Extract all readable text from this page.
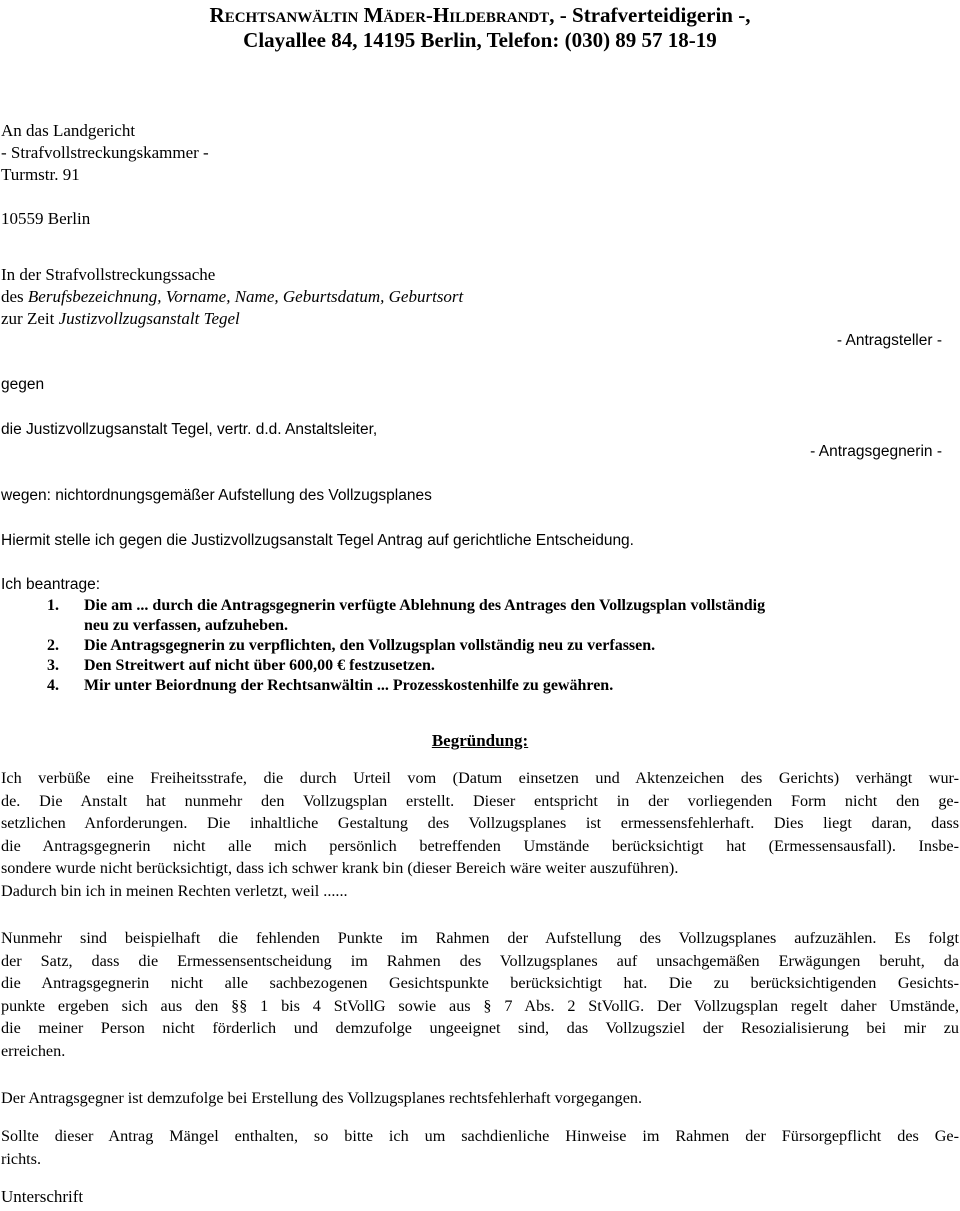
Rechtsanwältin Mäder-Hildebrandt, - Strafverteidigerin -,
Clayallee 84, 14195 Berlin, Telefon: (030) 89 57 18-19
An das Landgericht
- Strafvollstreckungskammer -
Turmstr. 91
10559 Berlin
In der Strafvollstreckungssache
des Berufsbezeichnung, Vorname, Name, Geburtsdatum, Geburtsort
zur Zeit Justizvollzugsanstalt Tegel
- Antragsteller -
gegen
die Justizvollzugsanstalt Tegel, vertr. d.d. Anstaltsleiter,
- Antragsgegnerin -
wegen: nichtordnungsgemäßer Aufstellung des Vollzugsplanes
Hiermit stelle ich gegen die Justizvollzugsanstalt Tegel Antrag auf gerichtliche Entscheidung.
Ich beantrage:
1. Die am ... durch die Antragsgegnerin verfügte Ablehnung des Antrages den Vollzugsplan vollständig
neu zu verfassen, aufzuheben.
2. Die Antragsgegnerin zu verpflichten, den Vollzugsplan vollständig neu zu verfassen.
3. Den Streitwert auf nicht über 600,00 € festzusetzen.
4. Mir unter Beiordnung der Rechtsanwältin ... Prozesskostenhilfe zu gewähren.
Begründung:
Ich verbüße eine Freiheitsstrafe, die durch Urteil vom (Datum einsetzen und Aktenzeichen des Gerichts) verhängt wur-
de. Die Anstalt hat nunmehr den Vollzugsplan erstellt. Dieser entspricht in der vorliegenden Form nicht den ge-
setzlichen Anforderungen. Die inhaltliche Gestaltung des Vollzugsplanes ist ermessensfehlerhaft. Dies liegt daran, dass
die Antragsgegnerin nicht alle mich persönlich betreffenden Umstände berücksichtigt hat (Ermessensausfall). Insbe-
sondere wurde nicht berücksichtigt, dass ich schwer krank bin (dieser Bereich wäre weiter auszuführen).
Dadurch bin ich in meinen Rechten verletzt, weil ......
Nunmehr sind beispielhaft die fehlenden Punkte im Rahmen der Aufstellung des Vollzugsplanes aufzuzählen. Es folgt
der Satz, dass die Ermessensentscheidung im Rahmen des Vollzugsplanes auf unsachgemäßen Erwägungen beruht, da
die Antragsgegnerin nicht alle sachbezogenen Gesichtspunkte berücksichtigt hat. Die zu berücksichtigenden Gesichts-
punkte ergeben sich aus den §§ 1 bis 4 StVollG sowie aus § 7 Abs. 2 StVollG. Der Vollzugsplan regelt daher Umstände,
die meiner Person nicht förderlich und demzufolge ungeeignet sind, das Vollzugsziel der Resozialisierung bei mir zu
erreichen.
Der Antragsgegner ist demzufolge bei Erstellung des Vollzugsplanes rechtsfehlerhaft vorgegangen.
Sollte dieser Antrag Mängel enthalten, so bitte ich um sachdienliche Hinweise im Rahmen der Fürsorgepflicht des Ge-
richts.
Unterschrift
